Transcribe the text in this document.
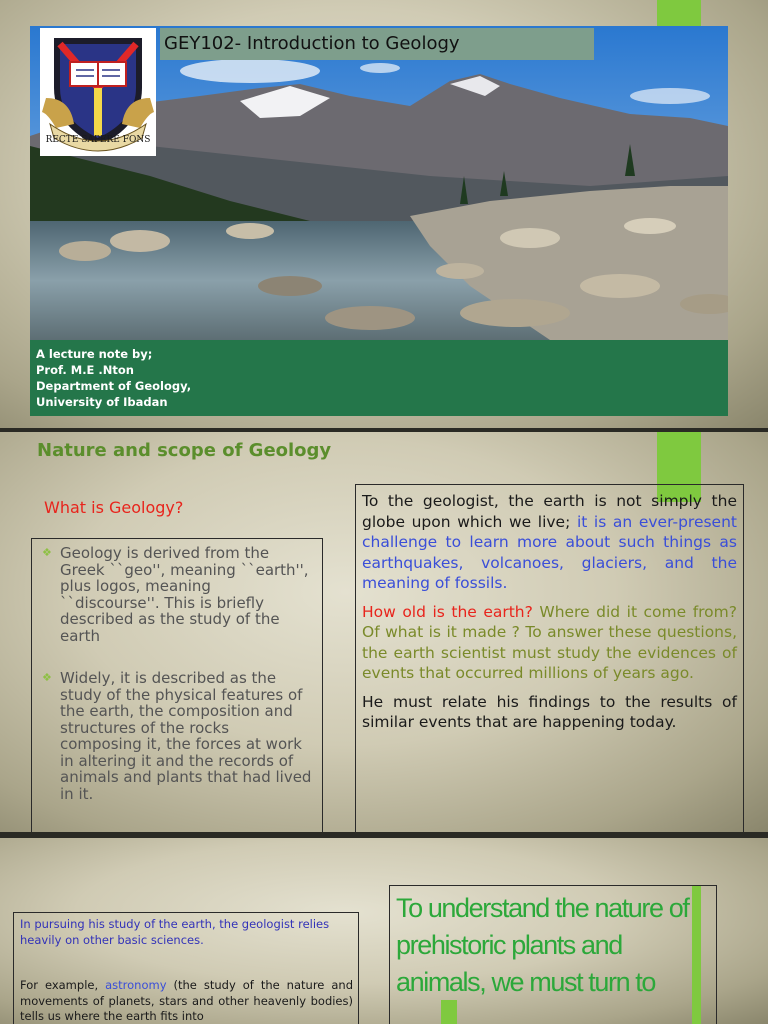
GEY102- Introduction to Geology
RECTE SAPERE FONS
A lecture note by;
Prof. M.E .Nton
Department of Geology,
University of Ibadan
Nature and scope of Geology
What is Geology?
❖ Geology is derived from the Greek ``geo'', meaning ``earth'', plus logos, meaning ``discourse''. This is briefly described as the study of the earth
❖ Widely, it is described as the study of the physical features of the earth, the composition and structures of the rocks composing it, the forces at work in altering it and the records of animals and plants that had lived in it.

To the geologist, the earth is not simply the globe upon which we live; it is an ever-present challenge to learn more about such things as earthquakes, volcanoes, glaciers, and the meaning of fossils.

How old is the earth? Where did it come from? Of what is it made ? To answer these questions, the earth scientist must study the evidences of events that occurred millions of years ago.

He must relate his findings to the results of similar events that are happening today.

In pursuing his study of the earth, the geologist relies heavily on other basic sciences.
For example, astronomy (the study of the nature and movements of planets, stars and other heavenly bodies) tells us where the earth fits into
To understand the nature of prehistoric plants and animals, we must turn to
